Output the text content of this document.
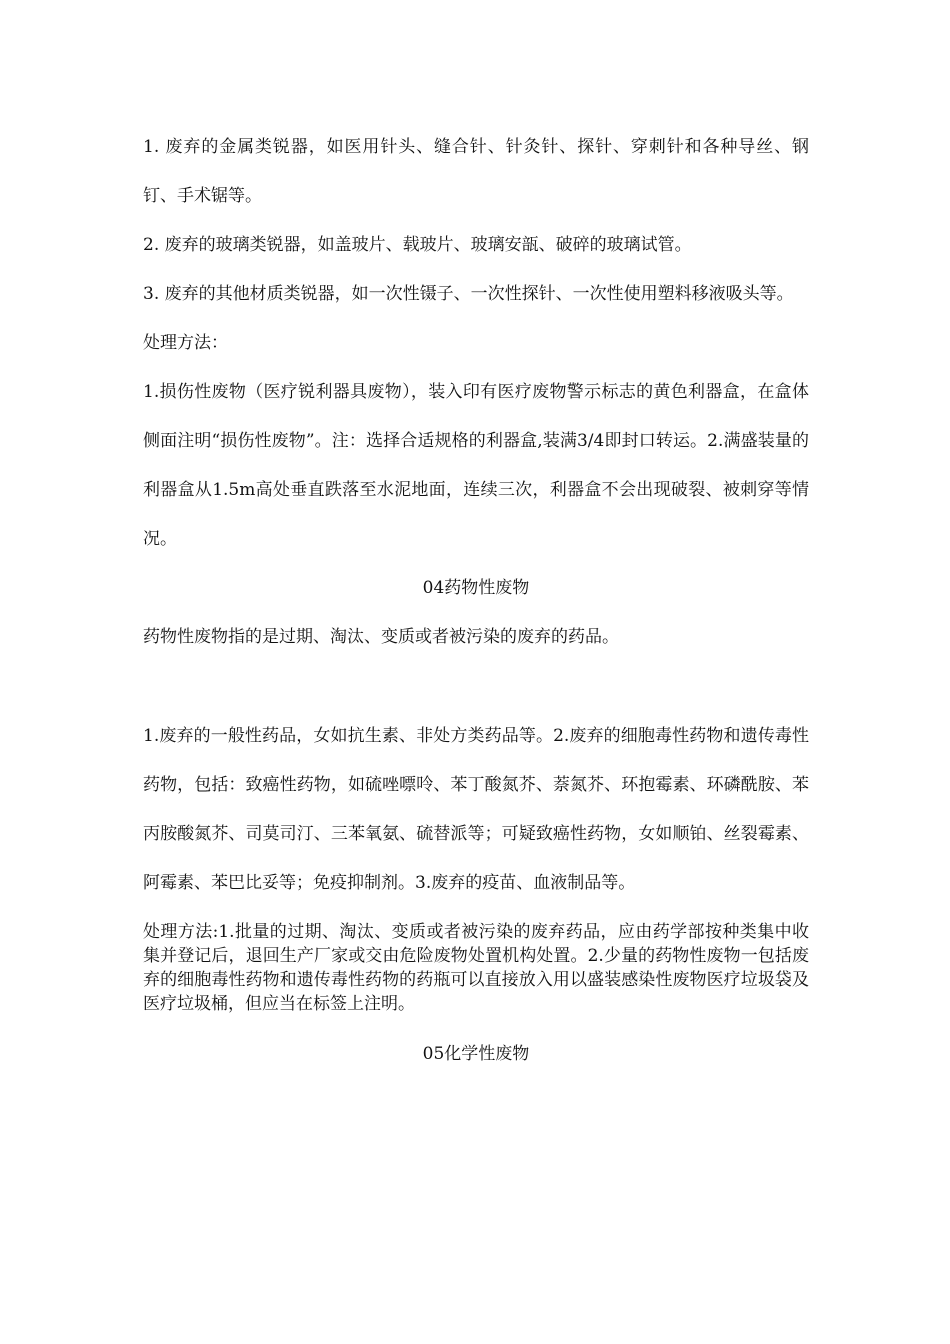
1. 废弃的金属类锐器，如医用针头、缝合针、针灸针、探针、穿刺针和各种导丝、钢钉、手术锯等。

2. 废弃的玻璃类锐器，如盖玻片、载玻片、玻璃安瓿、破碎的玻璃试管。

3. 废弃的其他材质类锐器，如一次性镊子、一次性探针、一次性使用塑料移液吸头等。

处理方法：

1.损伤性废物（医疗锐利器具废物），装入印有医疗废物警示标志的黄色利器盒，在盒体侧面注明“损伤性废物”。注：选择合适规格的利器盒,装满3/4即封口转运。2.满盛装量的利器盒从1.5m高处垂直跌落至水泥地面，连续三次，利器盒不会出现破裂、被刺穿等情况。

04药物性废物

药物性废物指的是过期、淘汰、变质或者被污染的废弃的药品。

1.废弃的一般性药品，女如抗生素、非处方类药品等。2.废弃的细胞毒性药物和遗传毒性药物，包括：致癌性药物，如硫唑嘌呤、苯丁酸氮芥、萘氮芥、环抱霉素、环磷酰胺、苯丙胺酸氮芥、司莫司汀、三苯氧氨、硫替派等；可疑致癌性药物，女如顺铂、丝裂霉素、阿霉素、苯巴比妥等；免疫抑制剂。3.废弃的疫苗、血液制品等。

处理方法:1.批量的过期、淘汰、变质或者被污染的废弃药品，应由药学部按种类集中收集并登记后，退回生产厂家或交由危险废物处置机构处置。2.少量的药物性废物一包括废弃的细胞毒性药物和遗传毒性药物的药瓶可以直接放入用以盛装感染性废物医疗垃圾袋及医疗垃圾桶，但应当在标签上注明。

05化学性废物
